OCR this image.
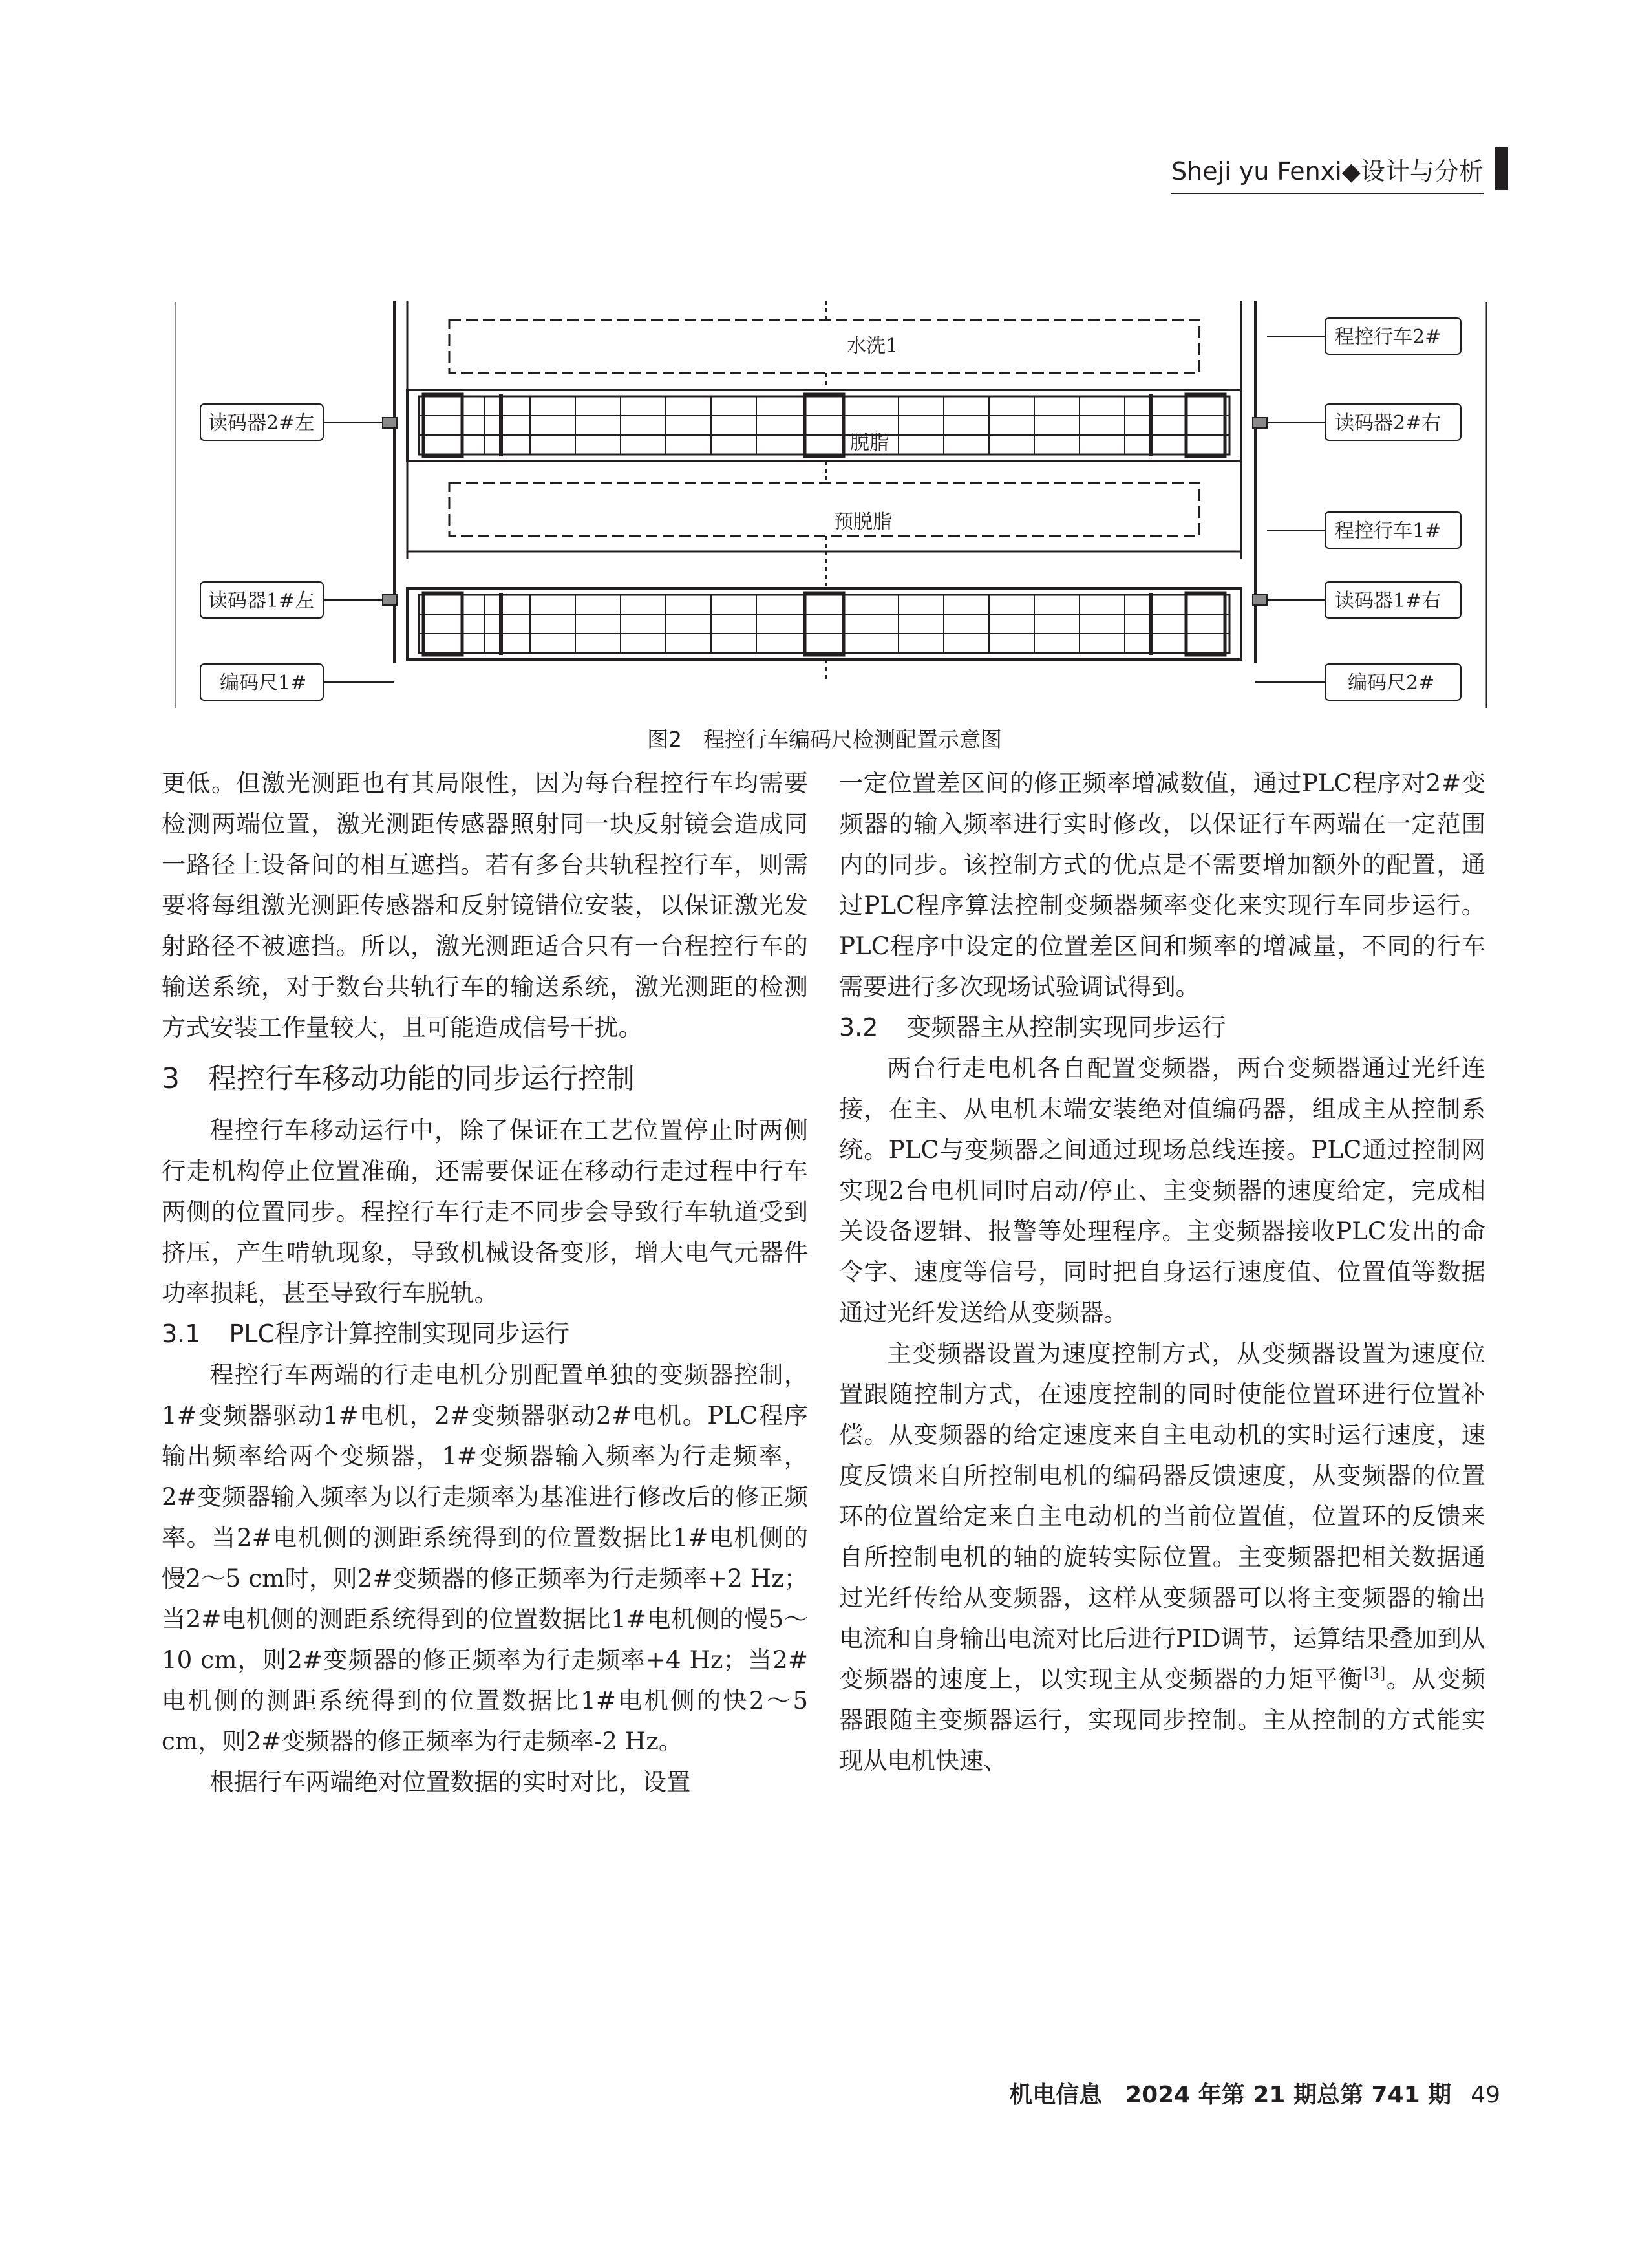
Sheji yu Fenxi◆设计与分析
水洗1
脱脂
预脱脂
程控行车2#
程控行车1#
读码器2#左	读码器2#右
读码器1#左	读码器1#右
编码尺1#	编码尺2#
图2　程控行车编码尺检测配置示意图

更低。但激光测距也有其局限性，因为每台程控行车均需要检测两端位置，激光测距传感器照射同一块反射镜会造成同一路径上设备间的相互遮挡。若有多台共轨程控行车，则需要将每组激光测距传感器和反射镜错位安装，以保证激光发射路径不被遮挡。所以，激光测距适合只有一台程控行车的输送系统，对于数台共轨行车的输送系统，激光测距的检测方式安装工作量较大，且可能造成信号干扰。

3 程控行车移动功能的同步运行控制

程控行车移动运行中，除了保证在工艺位置停止时两侧行走机构停止位置准确，还需要保证在移动行走过程中行车两侧的位置同步。程控行车行走不同步会导致行车轨道受到挤压，产生啃轨现象，导致机械设备变形，增大电气元器件功率损耗，甚至导致行车脱轨。

3.1 PLC程序计算控制实现同步运行

程控行车两端的行走电机分别配置单独的变频器控制，1#变频器驱动1#电机，2#变频器驱动2#电机。PLC程序输出频率给两个变频器，1#变频器输入频率为行走频率，2#变频器输入频率为以行走频率为基准进行修改后的修正频率。当2#电机侧的测距系统得到的位置数据比1#电机侧的慢2～5 cm时，则2#变频器的修正频率为行走频率+2 Hz；当2#电机侧的测距系统得到的位置数据比1#电机侧的慢5～10 cm，则2#变频器的修正频率为行走频率+4 Hz；当2#电机侧的测距系统得到的位置数据比1#电机侧的快2～5 cm，则2#变频器的修正频率为行走频率-2 Hz。

根据行车两端绝对位置数据的实时对比，设置

一定位置差区间的修正频率增减数值，通过PLC程序对2#变频器的输入频率进行实时修改，以保证行车两端在一定范围内的同步。该控制方式的优点是不需要增加额外的配置，通过PLC程序算法控制变频器频率变化来实现行车同步运行。PLC程序中设定的位置差区间和频率的增减量，不同的行车需要进行多次现场试验调试得到。

3.2 变频器主从控制实现同步运行

两台行走电机各自配置变频器，两台变频器通过光纤连接，在主、从电机末端安装绝对值编码器，组成主从控制系统。PLC与变频器之间通过现场总线连接。PLC通过控制网实现2台电机同时启动/停止、主变频器的速度给定，完成相关设备逻辑、报警等处理程序。主变频器接收PLC发出的命令字、速度等信号，同时把自身运行速度值、位置值等数据通过光纤发送给从变频器。

主变频器设置为速度控制方式，从变频器设置为速度位置跟随控制方式，在速度控制的同时使能位置环进行位置补偿。从变频器的给定速度来自主电动机的实时运行速度，速度反馈来自所控制电机的编码器反馈速度，从变频器的位置环的位置给定来自主电动机的当前位置值，位置环的反馈来自所控制电机的轴的旋转实际位置。主变频器把相关数据通过光纤传给从变频器，这样从变频器可以将主变频器的输出电流和自身输出电流对比后进行PID调节，运算结果叠加到从变频器的速度上，以实现主从变频器的力矩平衡[3]。从变频器跟随主变频器运行，实现同步控制。主从控制的方式能实现从电机快速、

机电信息　2024 年第 21 期总第 741 期 49
